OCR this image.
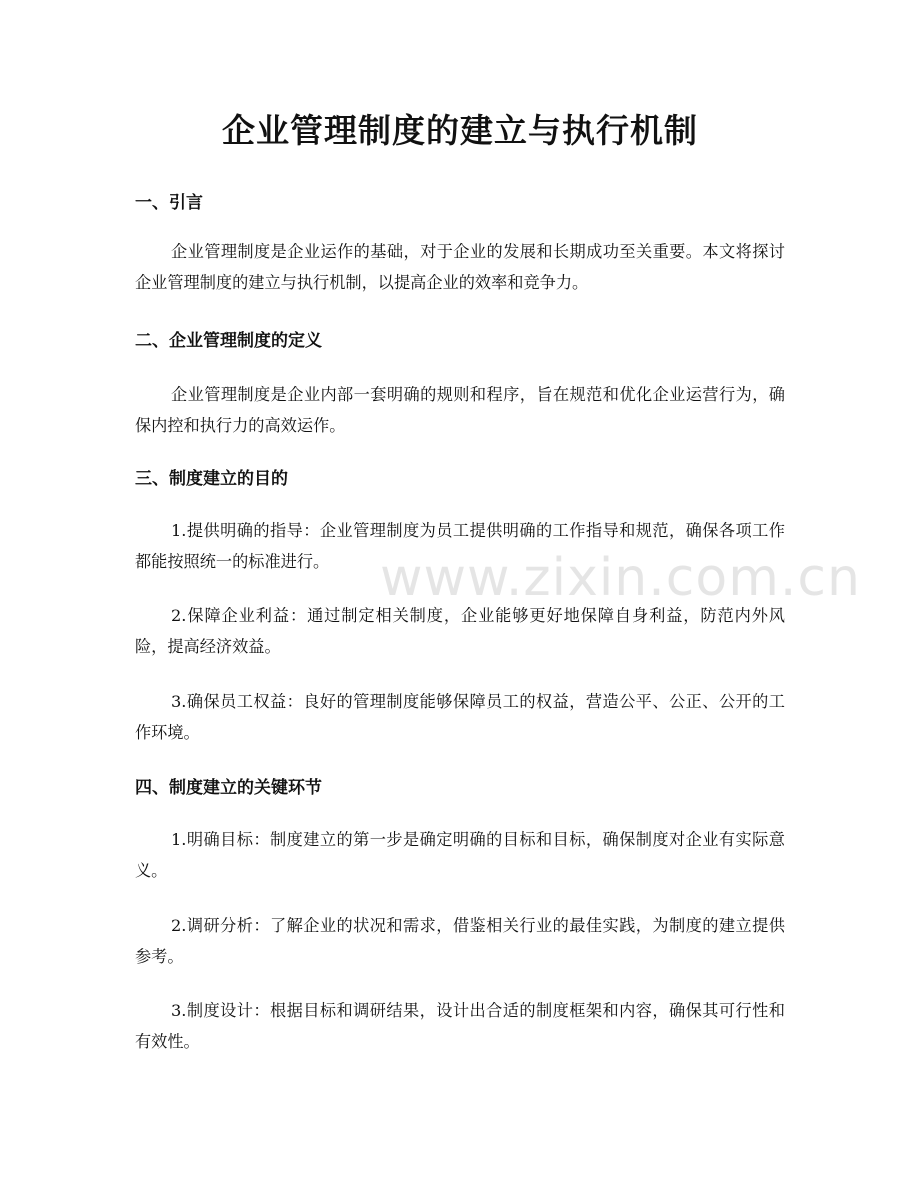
企业管理制度的建立与执行机制
一、引言

企业管理制度是企业运作的基础，对于企业的发展和长期成功至关重要。本文将探讨企业管理制度的建立与执行机制，以提高企业的效率和竞争力。

二、企业管理制度的定义

企业管理制度是企业内部一套明确的规则和程序，旨在规范和优化企业运营行为，确保内控和执行力的高效运作。

三、制度建立的目的

1.提供明确的指导：企业管理制度为员工提供明确的工作指导和规范，确保各项工作都能按照统一的标准进行。

2.保障企业利益：通过制定相关制度，企业能够更好地保障自身利益，防范内外风险，提高经济效益。

3.确保员工权益：良好的管理制度能够保障员工的权益，营造公平、公正、公开的工作环境。

四、制度建立的关键环节

1.明确目标：制度建立的第一步是确定明确的目标和目标，确保制度对企业有实际意义。

2.调研分析：了解企业的状况和需求，借鉴相关行业的最佳实践，为制度的建立提供参考。

3.制度设计：根据目标和调研结果，设计出合适的制度框架和内容，确保其可行性和有效性。

www.zixin.com.cn
